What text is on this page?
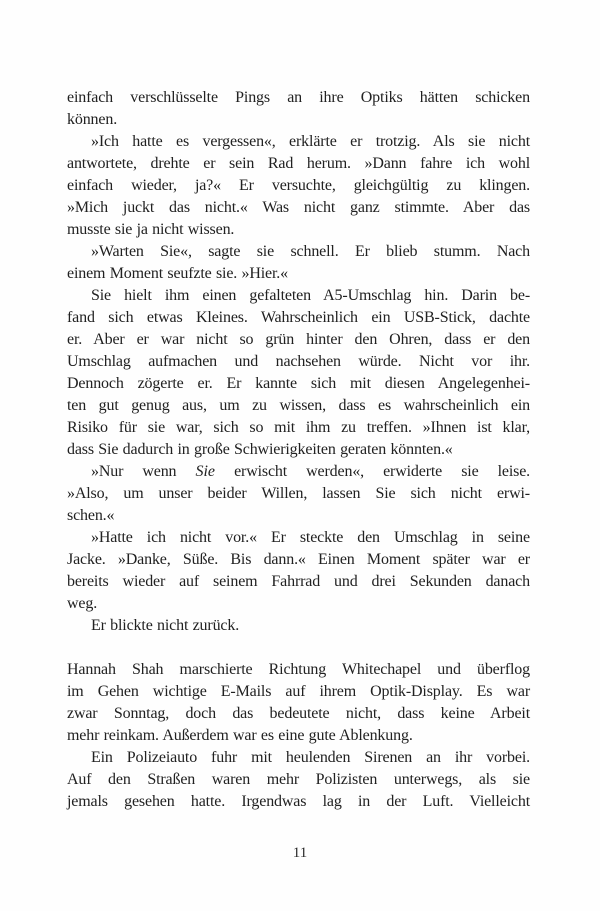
einfach verschlüsselte Pings an ihre Optiks hätten schicken
können.
»Ich hatte es vergessen«, erklärte er trotzig. Als sie nicht
antwortete, drehte er sein Rad herum. »Dann fahre ich wohl
einfach wieder, ja?« Er versuchte, gleichgültig zu klingen.
»Mich juckt das nicht.« Was nicht ganz stimmte. Aber das
musste sie ja nicht wissen.
»Warten Sie«, sagte sie schnell. Er blieb stumm. Nach
einem Moment seufzte sie. »Hier.«
Sie hielt ihm einen gefalteten A5-Umschlag hin. Darin be-
fand sich etwas Kleines. Wahrscheinlich ein USB-Stick, dachte
er. Aber er war nicht so grün hinter den Ohren, dass er den
Umschlag aufmachen und nachsehen würde. Nicht vor ihr.
Dennoch zögerte er. Er kannte sich mit diesen Angelegenhei-
ten gut genug aus, um zu wissen, dass es wahrscheinlich ein
Risiko für sie war, sich so mit ihm zu treffen. »Ihnen ist klar,
dass Sie dadurch in große Schwierigkeiten geraten könnten.«
»Nur wenn Sie erwischt werden«, erwiderte sie leise.
»Also, um unser beider Willen, lassen Sie sich nicht erwi-
schen.«
»Hatte ich nicht vor.« Er steckte den Umschlag in seine
Jacke. »Danke, Süße. Bis dann.« Einen Moment später war er
bereits wieder auf seinem Fahrrad und drei Sekunden danach
weg.
Er blickte nicht zurück.
Hannah Shah marschierte Richtung Whitechapel und überflog
im Gehen wichtige E-Mails auf ihrem Optik-Display. Es war
zwar Sonntag, doch das bedeutete nicht, dass keine Arbeit
mehr reinkam. Außerdem war es eine gute Ablenkung.
Ein Polizeiauto fuhr mit heulenden Sirenen an ihr vorbei.
Auf den Straßen waren mehr Polizisten unterwegs, als sie
jemals gesehen hatte. Irgendwas lag in der Luft. Vielleicht
11
